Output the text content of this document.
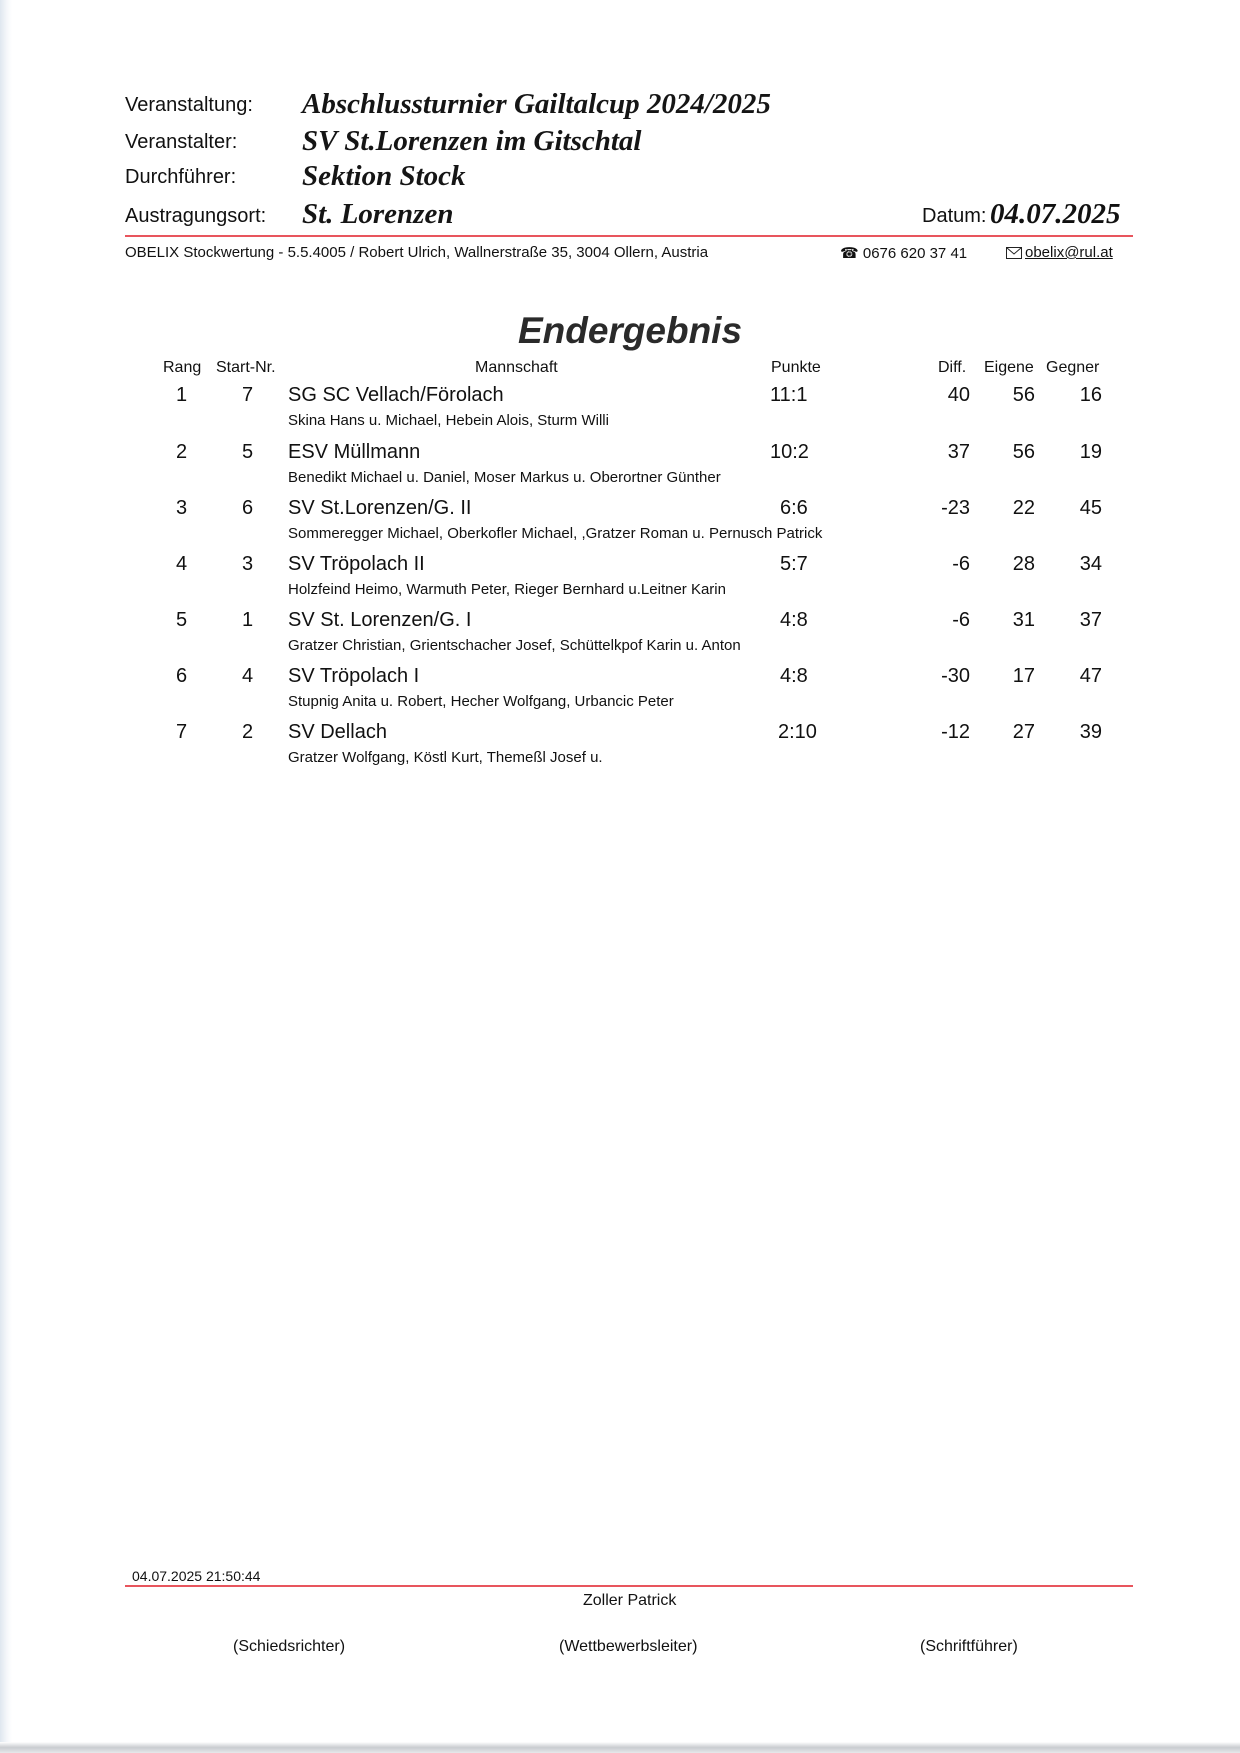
Veranstaltung: Abschlussturnier Gailtalcup 2024/2025
Veranstalter: SV St.Lorenzen im Gitschtal
Durchführer: Sektion Stock
Austragungsort: St. Lorenzen	Datum: 04.07.2025
OBELIX Stockwertung - 5.5.4005 / Robert Ulrich, Wallnerstraße 35, 3004 Ollern, Austria	☎ 0676 620 37 41	obelix@rul.at
Endergebnis
Rang Start-Nr.	Mannschaft	Punkte	Diff. Eigene Gegner
1	7 SG SC Vellach/Förolach	11:1	40	56	16
Skina Hans u. Michael, Hebein Alois, Sturm Willi
2	5 ESV Müllmann	10:2	37	56	19
Benedikt Michael u. Daniel, Moser Markus u. Oberortner Günther
3	6 SV St.Lorenzen/G. II	6:6	-23	22	45
Sommeregger Michael, Oberkofler Michael, ,Gratzer Roman u. Pernusch Patrick
4	3 SV Tröpolach II	5:7	-6	28	34
Holzfeind Heimo, Warmuth Peter, Rieger Bernhard u.Leitner Karin
5	1 SV St. Lorenzen/G. I	4:8	-6	31	37
Gratzer Christian, Grientschacher Josef, Schüttelkpof Karin u. Anton
6	4 SV Tröpolach I	4:8	-30	17	47
Stupnig Anita u. Robert, Hecher Wolfgang, Urbancic Peter
7	2 SV Dellach	2:10	-12	27	39
Gratzer Wolfgang, Köstl Kurt, Themeßl Josef u.
04.07.2025 21:50:44
Zoller Patrick
(Schiedsrichter)	(Wettbewerbsleiter)	(Schriftführer)
